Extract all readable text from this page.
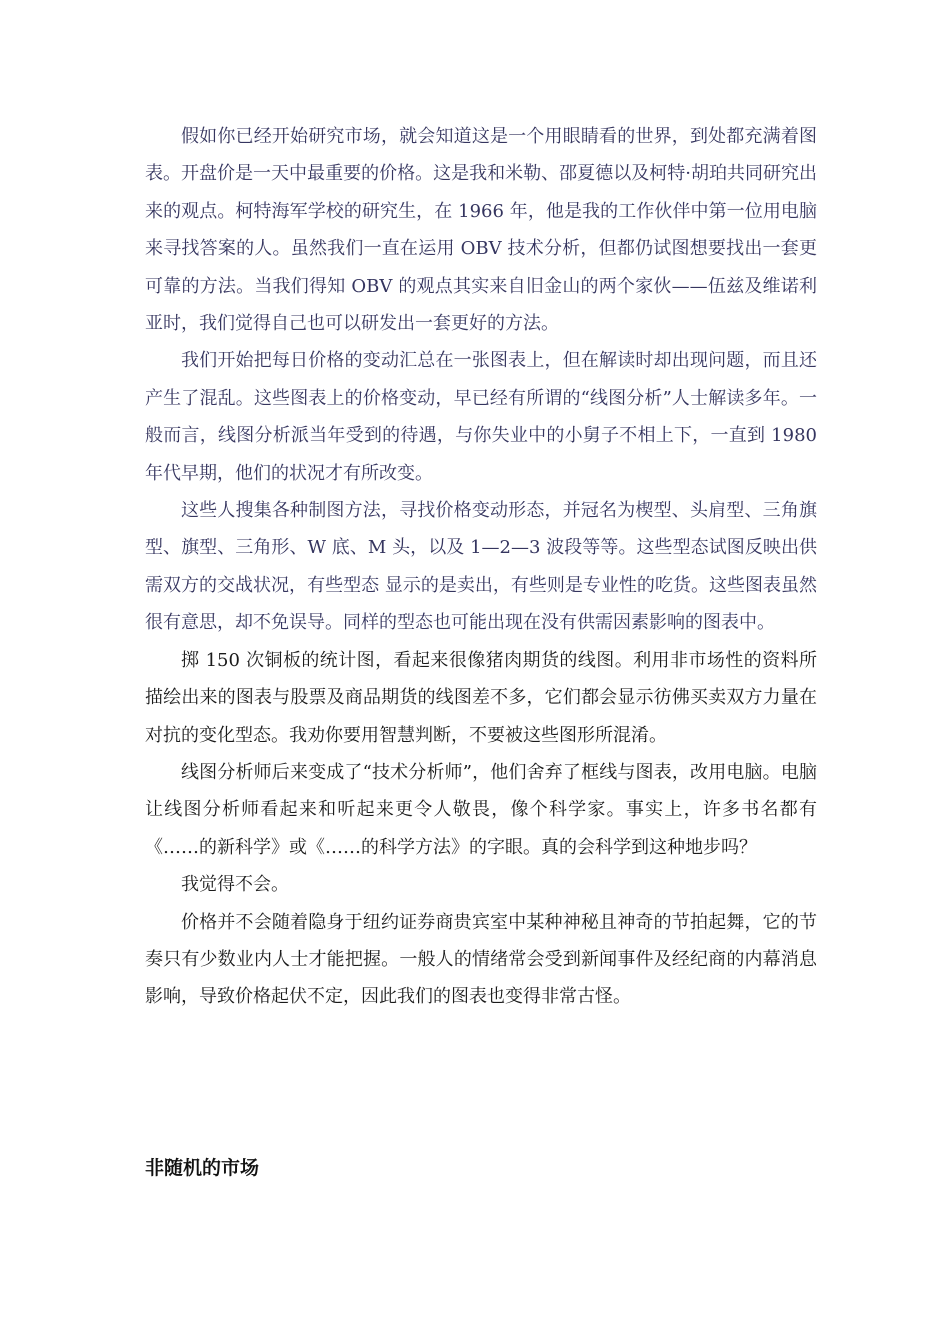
假如你已经开始研究市场，就会知道这是一个用眼睛看的世界，到处都充满着图表。开盘价是一天中最重要的价格。这是我和米勒、邵夏德以及柯特·胡珀共同研究出来的观点。柯特海军学校的研究生，在 1966 年，他是我的工作伙伴中第一位用电脑来寻找答案的人。虽然我们一直在运用 OBV 技术分析，但都仍试图想要找出一套更可靠的方法。当我们得知 OBV 的观点其实来自旧金山的两个家伙——伍兹及维诺利亚时，我们觉得自己也可以研发出一套更好的方法。

我们开始把每日价格的变动汇总在一张图表上，但在解读时却出现问题，而且还产生了混乱。这些图表上的价格变动，早已经有所谓的“线图分析”人士解读多年。一般而言，线图分析派当年受到的待遇，与你失业中的小舅子不相上下，一直到 1980 年代早期，他们的状况才有所改变。

这些人搜集各种制图方法，寻找价格变动形态，并冠名为楔型、头肩型、三角旗型、旗型、三角形、W 底、M 头，以及 1—2—3 波段等等。这些型态试图反映出供需双方的交战状况，有些型态 显示的是卖出，有些则是专业性的吃货。这些图表虽然很有意思，却不免误导。同样的型态也可能出现在没有供需因素影响的图表中。

掷 150 次铜板的统计图，看起来很像猪肉期货的线图。利用非市场性的资料所描绘出来的图表与股票及商品期货的线图差不多，它们都会显示彷佛买卖双方力量在对抗的变化型态。我劝你要用智慧判断，不要被这些图形所混淆。

线图分析师后来变成了“技术分析师”，他们舍弃了框线与图表，改用电脑。电脑让线图分析师看起来和听起来更令人敬畏，像个科学家。事实上，许多书名都有《……的新科学》或《……的科学方法》的字眼。真的会科学到这种地步吗？

我觉得不会。

价格并不会随着隐身于纽约证券商贵宾室中某种神秘且神奇的节拍起舞，它的节奏只有少数业内人士才能把握。一般人的情绪常会受到新闻事件及经纪商的内幕消息影响，导致价格起伏不定，因此我们的图表也变得非常古怪。

非随机的市场
